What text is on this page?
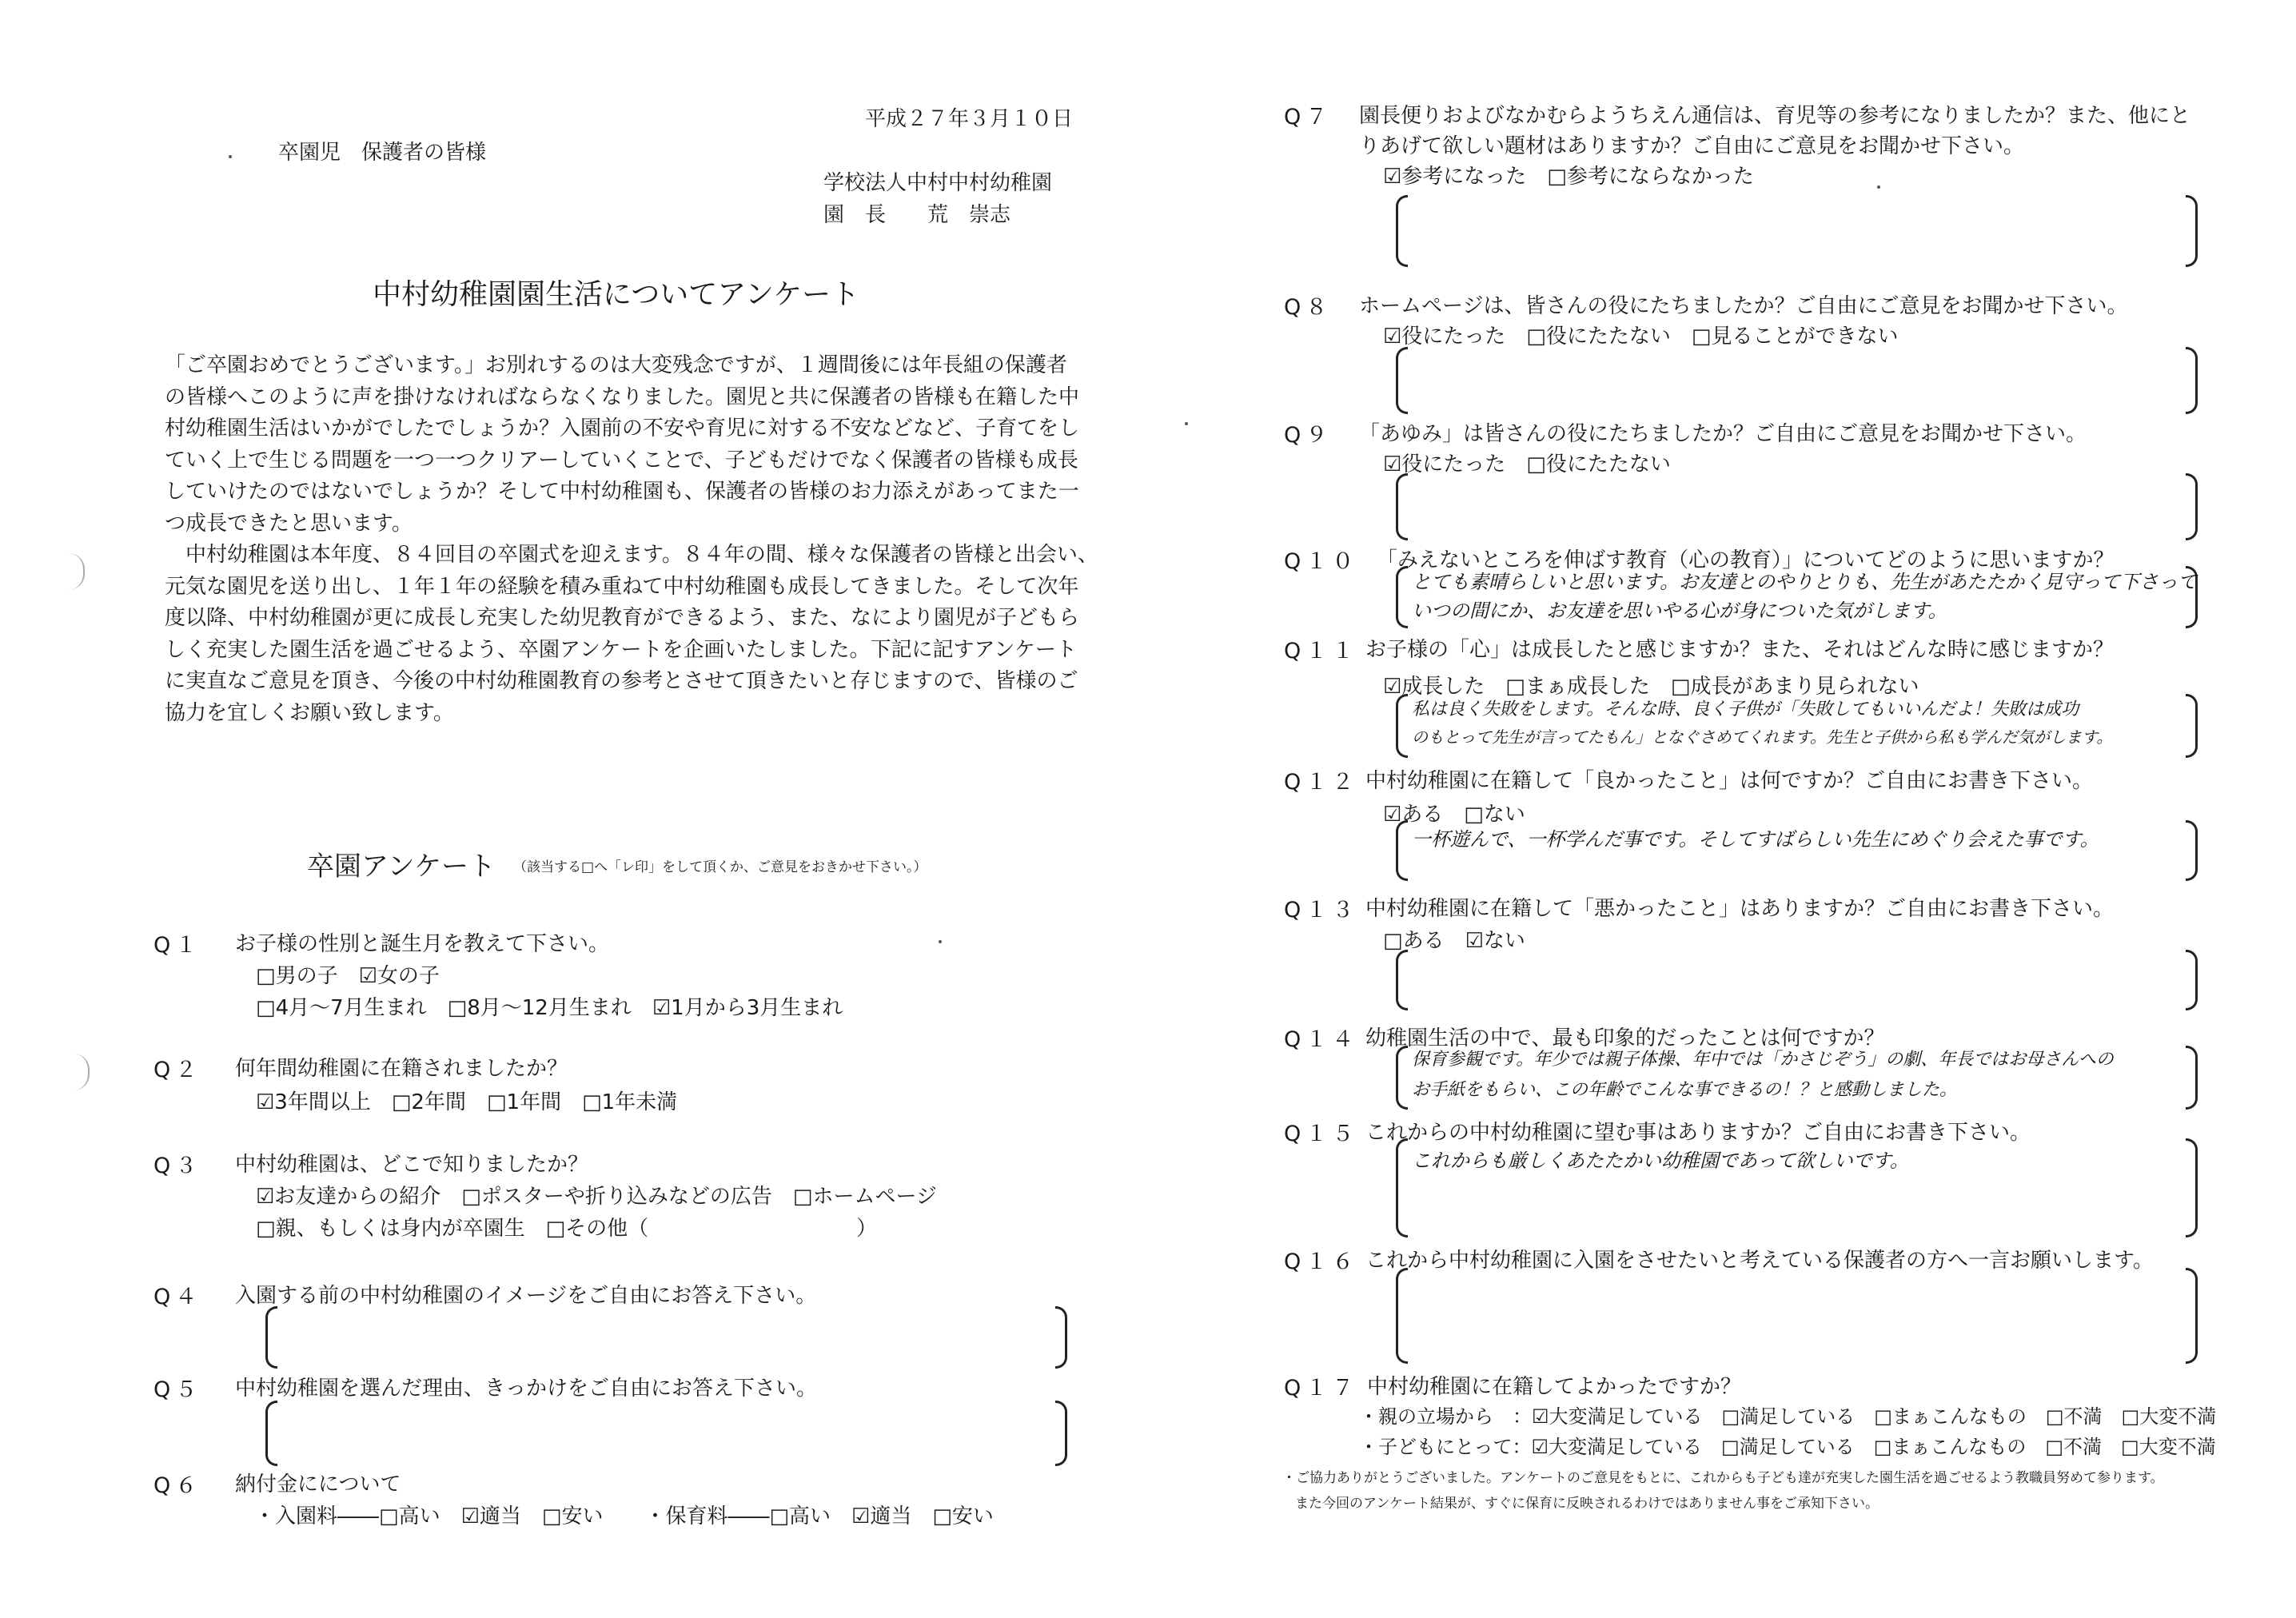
平成２７年３月１０日
卒園児　保護者の皆様
学校法人中村中村幼稚園
園　長　　荒　崇志
中村幼稚園園生活についてアンケート

「ご卒園おめでとうございます。」お別れするのは大変残念ですが、１週間後には年長組の保護者

の皆様へこのように声を掛けなければならなくなりました。園児と共に保護者の皆様も在籍した中

村幼稚園生活はいかがでしたでしょうか？入園前の不安や育児に対する不安などなど、子育てをし

ていく上で生じる問題を一つ一つクリアーしていくことで、子どもだけでなく保護者の皆様も成長

していけたのではないでしょうか？そして中村幼稚園も、保護者の皆様のお力添えがあってまた一

つ成長できたと思います。

　中村幼稚園は本年度、８４回目の卒園式を迎えます。８４年の間、様々な保護者の皆様と出会い、

元気な園児を送り出し、１年１年の経験を積み重ねて中村幼稚園も成長してきました。そして次年

度以降、中村幼稚園が更に成長し充実した幼児教育ができるよう、また、なにより園児が子どもら

しく充実した園生活を過ごせるよう、卒園アンケートを企画いたしました。下記に記すアンケート

に実直なご意見を頂き、今後の中村幼稚園教育の参考とさせて頂きたいと存じますので、皆様のご

協力を宜しくお願い致します。

卒園アンケート （該当する□へ「レ印」をして頂くか、ご意見をおきかせ下さい。）
Q１ お子様の性別と誕生月を教えて下さい。
□男の子　☑女の子
□4月～7月生まれ　□8月～12月生まれ　☑1月から3月生まれ
Q２ 何年間幼稚園に在籍されましたか？
☑3年間以上　□2年間　□1年間　□1年未満
Q３ 中村幼稚園は、どこで知りましたか？
☑お友達からの紹介　□ポスターや折り込みなどの広告　□ホームページ
□親、もしくは身内が卒園生　□その他（　　　　　　　　　　）
Q４ 入園する前の中村幼稚園のイメージをご自由にお答え下さい。
Q５ 中村幼稚園を選んだ理由、きっかけをご自由にお答え下さい。
Q６ 納付金にについて
・入園料――□高い　☑適当　□安い　　・保育料――□高い　☑適当　□安い
Q７ 園長便りおよびなかむらようちえん通信は、育児等の参考になりましたか？また、他にと
りあげて欲しい題材はありますか？ご自由にご意見をお聞かせ下さい。
☑参考になった　□参考にならなかった
Q８ ホームページは、皆さんの役にたちましたか？ご自由にご意見をお聞かせ下さい。
☑役にたった　□役にたたない　□見ることができない
Q９ 「あゆみ」は皆さんの役にたちましたか？ご自由にご意見をお聞かせ下さい。
☑役にたった　□役にたたない
Q１０ 「みえないところを伸ばす教育（心の教育）」についてどのように思いますか？
とても素晴らしいと思います。お友達とのやりとりも、先生があたたかく見守って下さって
いつの間にか、お友達を思いやる心が身についた気がします。
Q１１ お子様の「心」は成長したと感じますか？また、それはどんな時に感じますか？
☑成長した　□まぁ成長した　□成長があまり見られない
私は良く失敗をします。そんな時、良く子供が「失敗してもいいんだよ！失敗は成功
のもとって先生が言ってたもん」となぐさめてくれます。先生と子供から私も学んだ気がします。
Q１２ 中村幼稚園に在籍して「良かったこと」は何ですか？ご自由にお書き下さい。
☑ある　□ない
一杯遊んで、一杯学んだ事です。そしてすばらしい先生にめぐり会えた事です。
Q１３ 中村幼稚園に在籍して「悪かったこと」はありますか？ご自由にお書き下さい。
□ある　☑ない
Q１４ 幼稚園生活の中で、最も印象的だったことは何ですか？
保育参観です。年少では親子体操、年中では「かさじぞう」の劇、年長ではお母さんへの
お手紙をもらい、この年齢でこんな事できるの！？と感動しました。
Q１５ これからの中村幼稚園に望む事はありますか？ご自由にお書き下さい。
これからも厳しくあたたかい幼稚園であって欲しいです。
Q１６ これから中村幼稚園に入園をさせたいと考えている保護者の方へ一言お願いします。
Q１７ 中村幼稚園に在籍してよかったですか？
・親の立場から　：☑大変満足している　□満足している　□まぁこんなもの　□不満　□大変不満
・子どもにとって：☑大変満足している　□満足している　□まぁこんなもの　□不満　□大変不満
・ご協力ありがとうございました。アンケートのご意見をもとに、これからも子ども達が充実した園生活を過ごせるよう教職員努めて参ります。
また今回のアンケート結果が、すぐに保育に反映されるわけではありません事をご承知下さい。
